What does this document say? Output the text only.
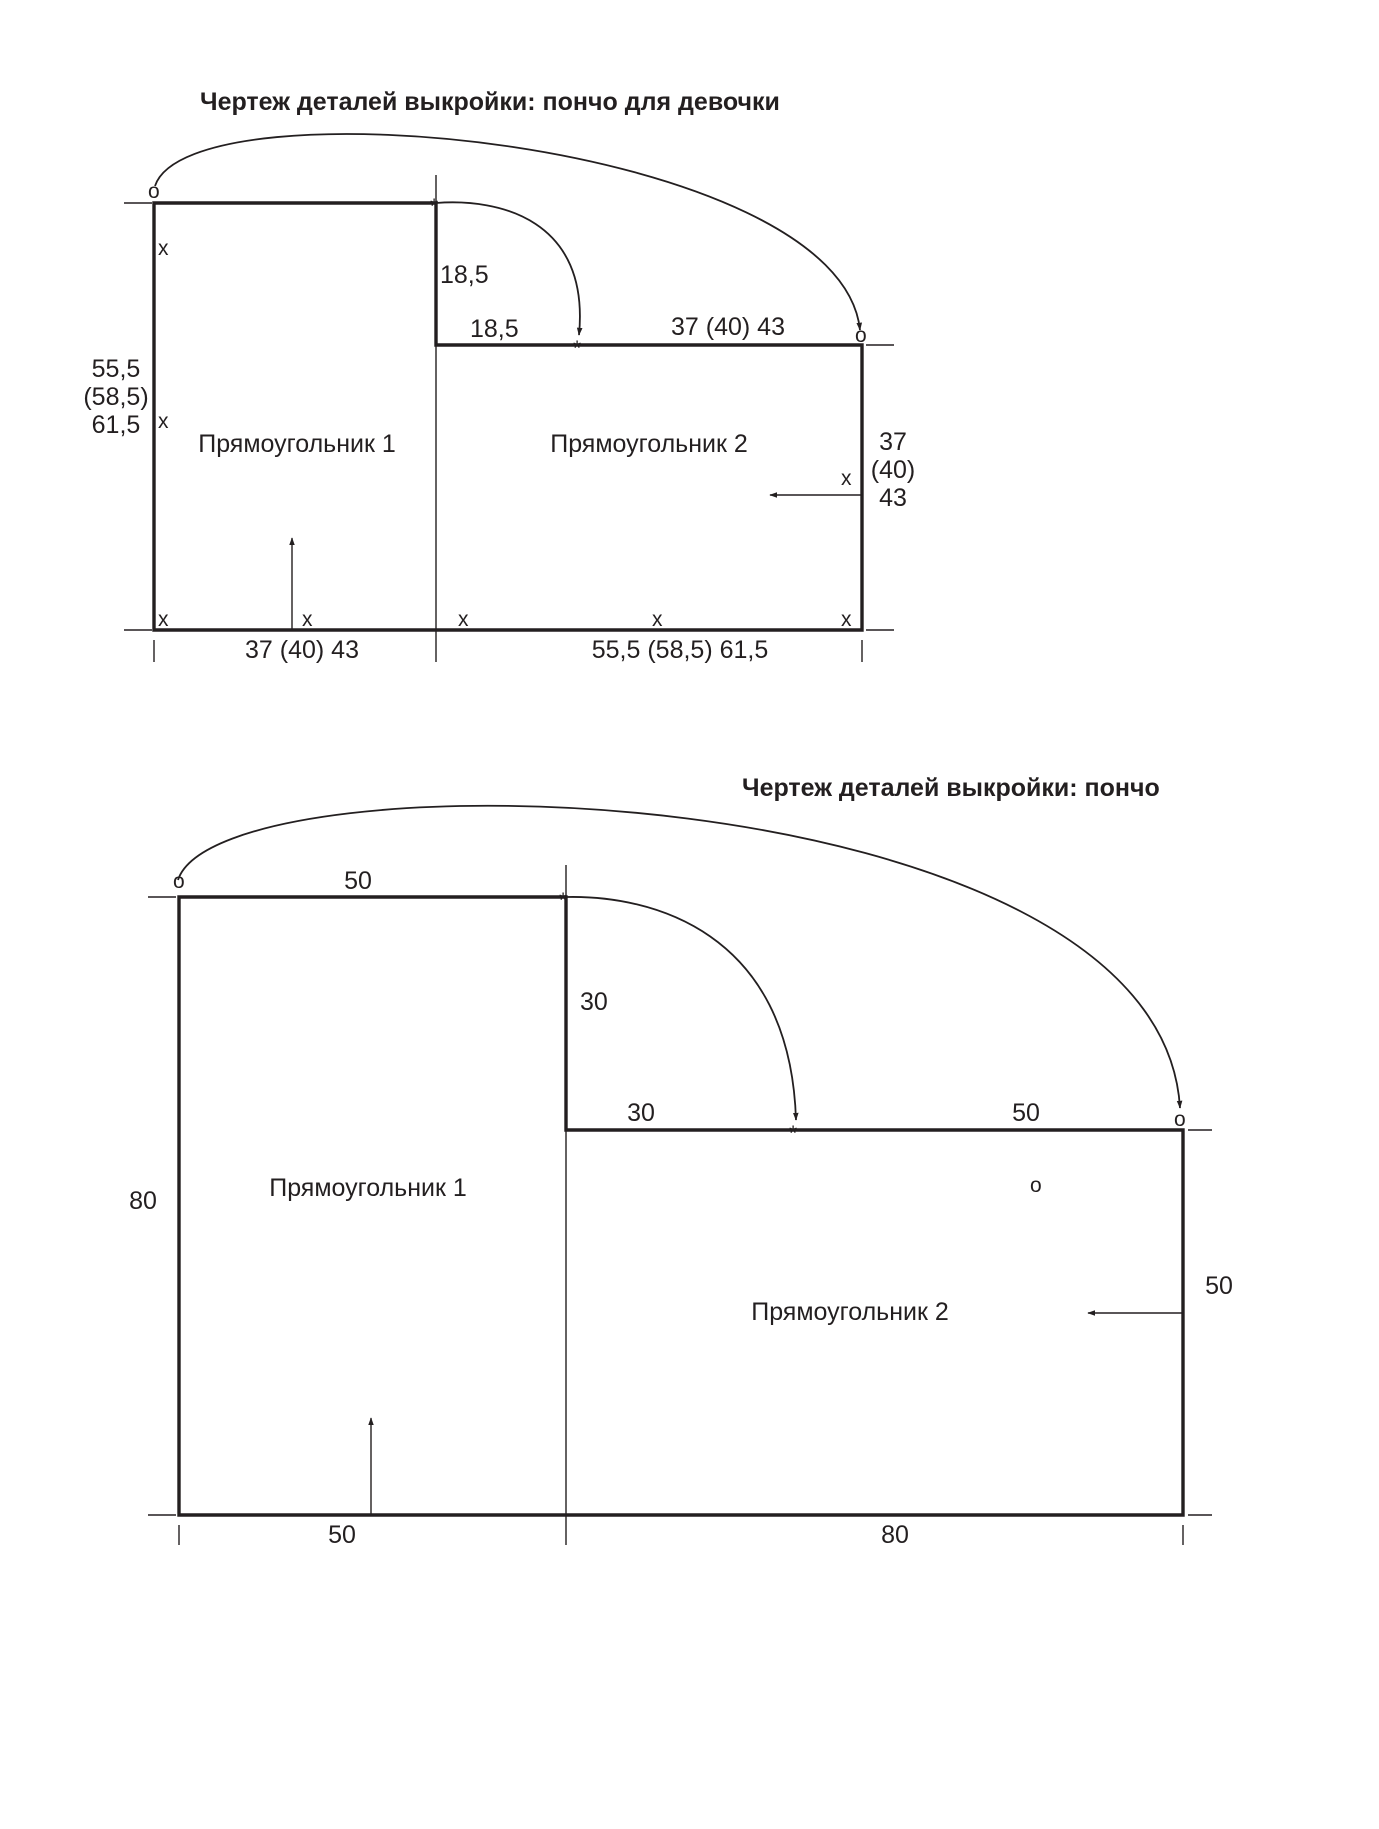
Чертеж деталей выкройки: пончо для девочки
*
*
o
o
x
x
x	x	x	x	x
x
Прямоугольник 1	Прямоугольник 2
18,5
18,5	37 (40) 43
55,5
(58,5)
61,5
37
(40)
43
37 (40) 43	55,5 (58,5) 61,5
Чертеж деталей выкройки: пончо
*
*
o
o
o
Прямоугольник 1
Прямоугольник 2
50
30
30	50
80
50
50	80
